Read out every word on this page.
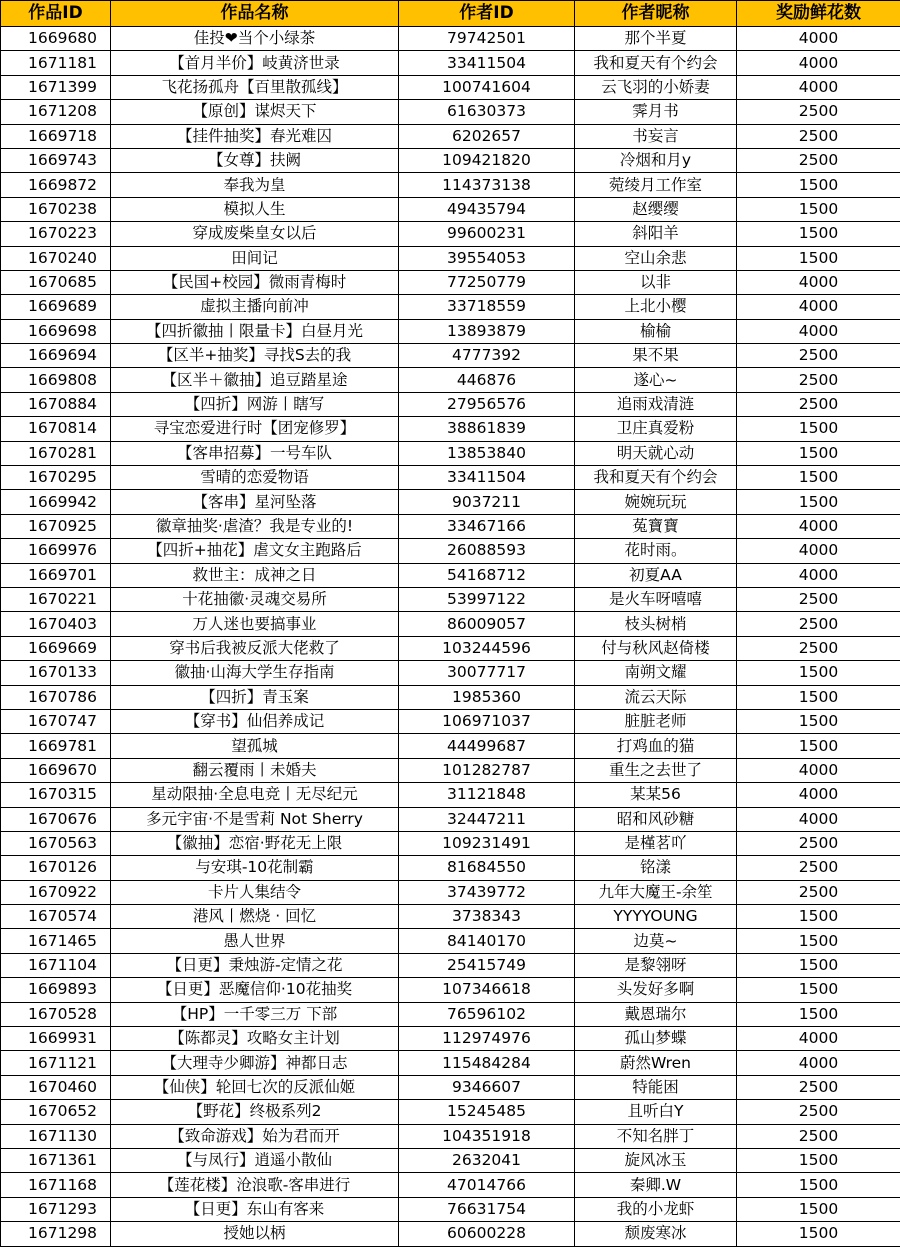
作品ID	作品名称	作者ID	作者昵称	奖励鲜花数
1669680	佳投❤当个小绿茶	79742501	那个半夏	4000
1671181	【首月半价】岐黄济世录	33411504	我和夏天有个约会	4000
1671399	飞花扬孤舟【百里散孤线】	100741604	云飞羽的小娇妻	4000
1671208	【原创】谋烬天下	61630373	霁月书	2500
1669718	【挂件抽奖】春光难囚	6202657	书妄言	2500
1669743	【女尊】扶阙	109421820	冷烟和月y	2500
1669872	奉我为皇	114373138	菀绫月工作室	1500
1670238	模拟人生	49435794	赵缨缨	1500
1670223	穿成废柴皇女以后	99600231	斜阳羊	1500
1670240	田间记	39554053	空山余悲	1500
1670685	【民国+校园】微雨青梅时	77250779	以非	4000
1669689	虚拟主播向前冲	33718559	上北小樱	4000
1669698	【四折徽抽丨限量卡】白昼月光	13893879	榆榆	4000
1669694	【区半+抽奖】寻找S去的我	4777392	果不果	2500
1669808	【区半＋徽抽】追豆踏星途	446876	遂心~	2500
1670884	【四折】网游丨瞎写	27956576	追雨戏清涟	2500
1670814	寻宝恋爱进行时【团宠修罗】	38861839	卫庄真爱粉	1500
1670281	【客串招募】一号车队	13853840	明天就心动	1500
1670295	雪晴的恋爱物语	33411504	我和夏天有个约会	1500
1669942	【客串】星河坠落	9037211	婉婉玩玩	1500
1670925	徽章抽奖·虐渣？我是专业的!	33467166	菟寶寶	4000
1669976	【四折+抽花】虐文女主跑路后	26088593	花时雨。	4000
1669701	救世主：成神之日	54168712	初夏AA	4000
1670221	十花抽徽·灵魂交易所	53997122	是火车呀嘻嘻	2500
1670403	万人迷也要搞事业	86009057	枝头树梢	2500
1669669	穿书后我被反派大佬救了	103244596	付与秋风赵倚楼	2500
1670133	徽抽·山海大学生存指南	30077717	南朔文耀	1500
1670786	【四折】青玉案	1985360	流云天际	1500
1670747	【穿书】仙侣养成记	106971037	脏脏老师	1500
1669781	望孤城	44499687	打鸡血的猫	1500
1669670	翻云覆雨丨未婚夫	101282787	重生之去世了	4000
1670315	星动限抽·全息电竞丨无尽纪元	31121848	某某56	4000
1670676	多元宇宙·不是雪莉 Not Sherry	32447211	昭和风砂糖	4000
1670563	【徽抽】恋宿·野花无上限	109231491	是槿茗吖	2500
1670126	与安琪-10花制霸	81684550	铭漾	2500
1670922	卡片人集结令	37439772	九年大魔王-余笙	2500
1670574	港风丨燃烧 · 回忆	3738343	YYYYOUNG	1500
1671465	愚人世界	84140170	边莫~	1500
1671104	【日更】秉烛游-定情之花	25415749	是黎翎呀	1500
1669893	【日更】恶魔信仰·10花抽奖	107346618	头发好多啊	1500
1670528	【HP】一千零三万 下部	76596102	戴恩瑞尔	1500
1669931	【陈都灵】攻略女主计划	112974976	孤山梦蝶	4000
1671121	【大理寺少卿游】神都日志	115484284	蔚然Wren	4000
1670460	【仙侠】轮回七次的反派仙姬	9346607	特能困	2500
1670652	【野花】终极系列2	15245485	且听白Y	2500
1671130	【致命游戏】始为君而开	104351918	不知名胖丁	2500
1671361	【与凤行】逍遥小散仙	2632041	旋风冰玉	1500
1671168	【莲花楼】沧浪歌-客串进行	47014766	秦卿.W	1500
1671293	【日更】东山有客来	76631754	我的小龙虾	1500
1671298	授她以柄	60600228	颓废寒冰	1500
